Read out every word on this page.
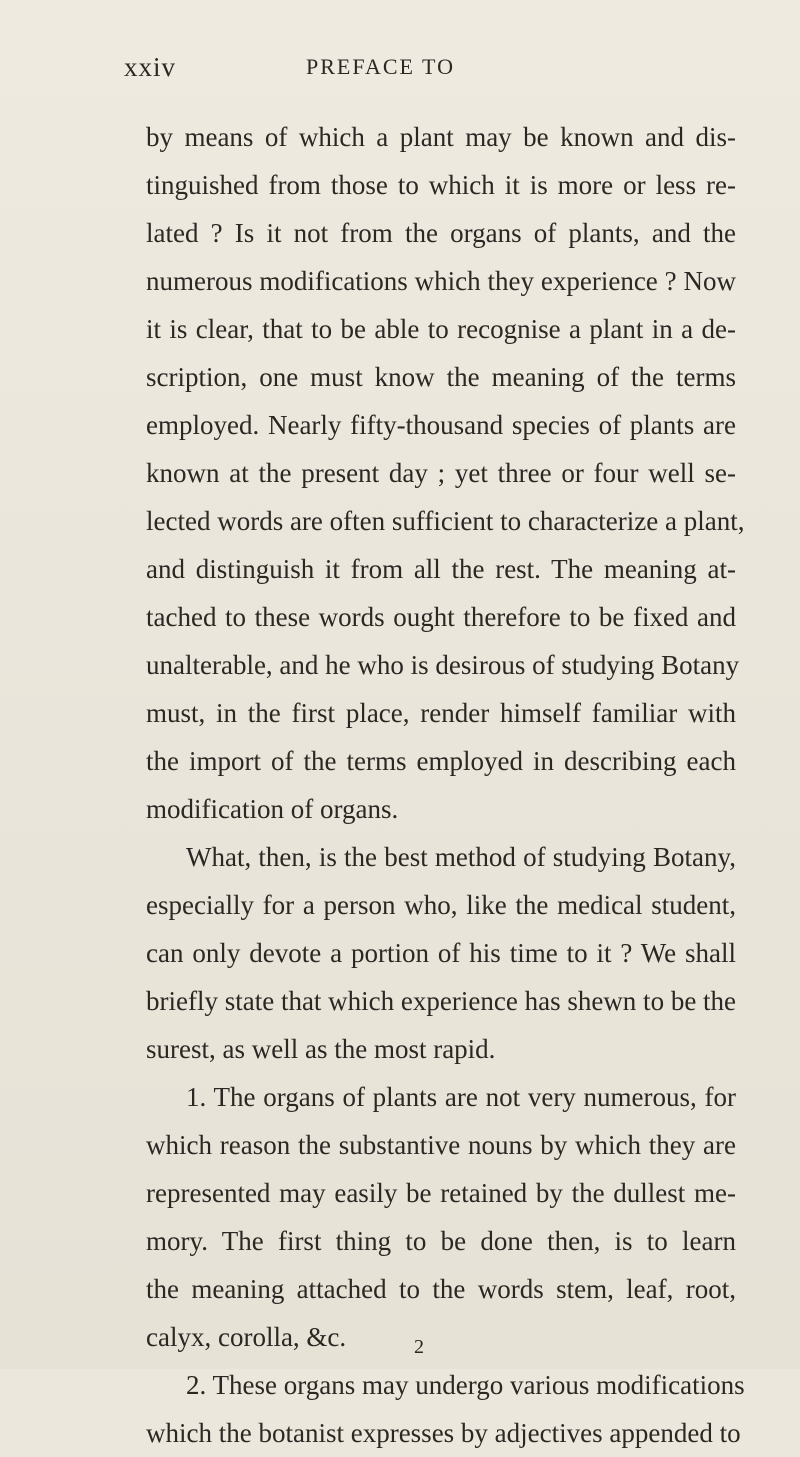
xxiv	PREFACE TO
by means of which a plant may be known and dis-
tinguished from those to which it is more or less re-
lated ? Is it not from the organs of plants, and the
numerous modifications which they experience ? Now
it is clear, that to be able to recognise a plant in a de-
scription, one must know the meaning of the terms
employed. Nearly fifty-thousand species of plants are
known at the present day ; yet three or four well se-
lected words are often sufficient to characterize a plant,
and distinguish it from all the rest. The meaning at-
tached to these words ought therefore to be fixed and
unalterable, and he who is desirous of studying Botany
must, in the first place, render himself familiar with
the import of the terms employed in describing each
modification of organs.
What, then, is the best method of studying Botany,
especially for a person who, like the medical student,
can only devote a portion of his time to it ? We shall
briefly state that which experience has shewn to be the
surest, as well as the most rapid.
1. The organs of plants are not very numerous, for
which reason the substantive nouns by which they are
represented may easily be retained by the dullest me-
mory. The first thing to be done then, is to learn
the meaning attached to the words stem, leaf, root,
calyx, corolla, &c.
2. These organs may undergo various modifications
which the botanist expresses by adjectives appended to
2
